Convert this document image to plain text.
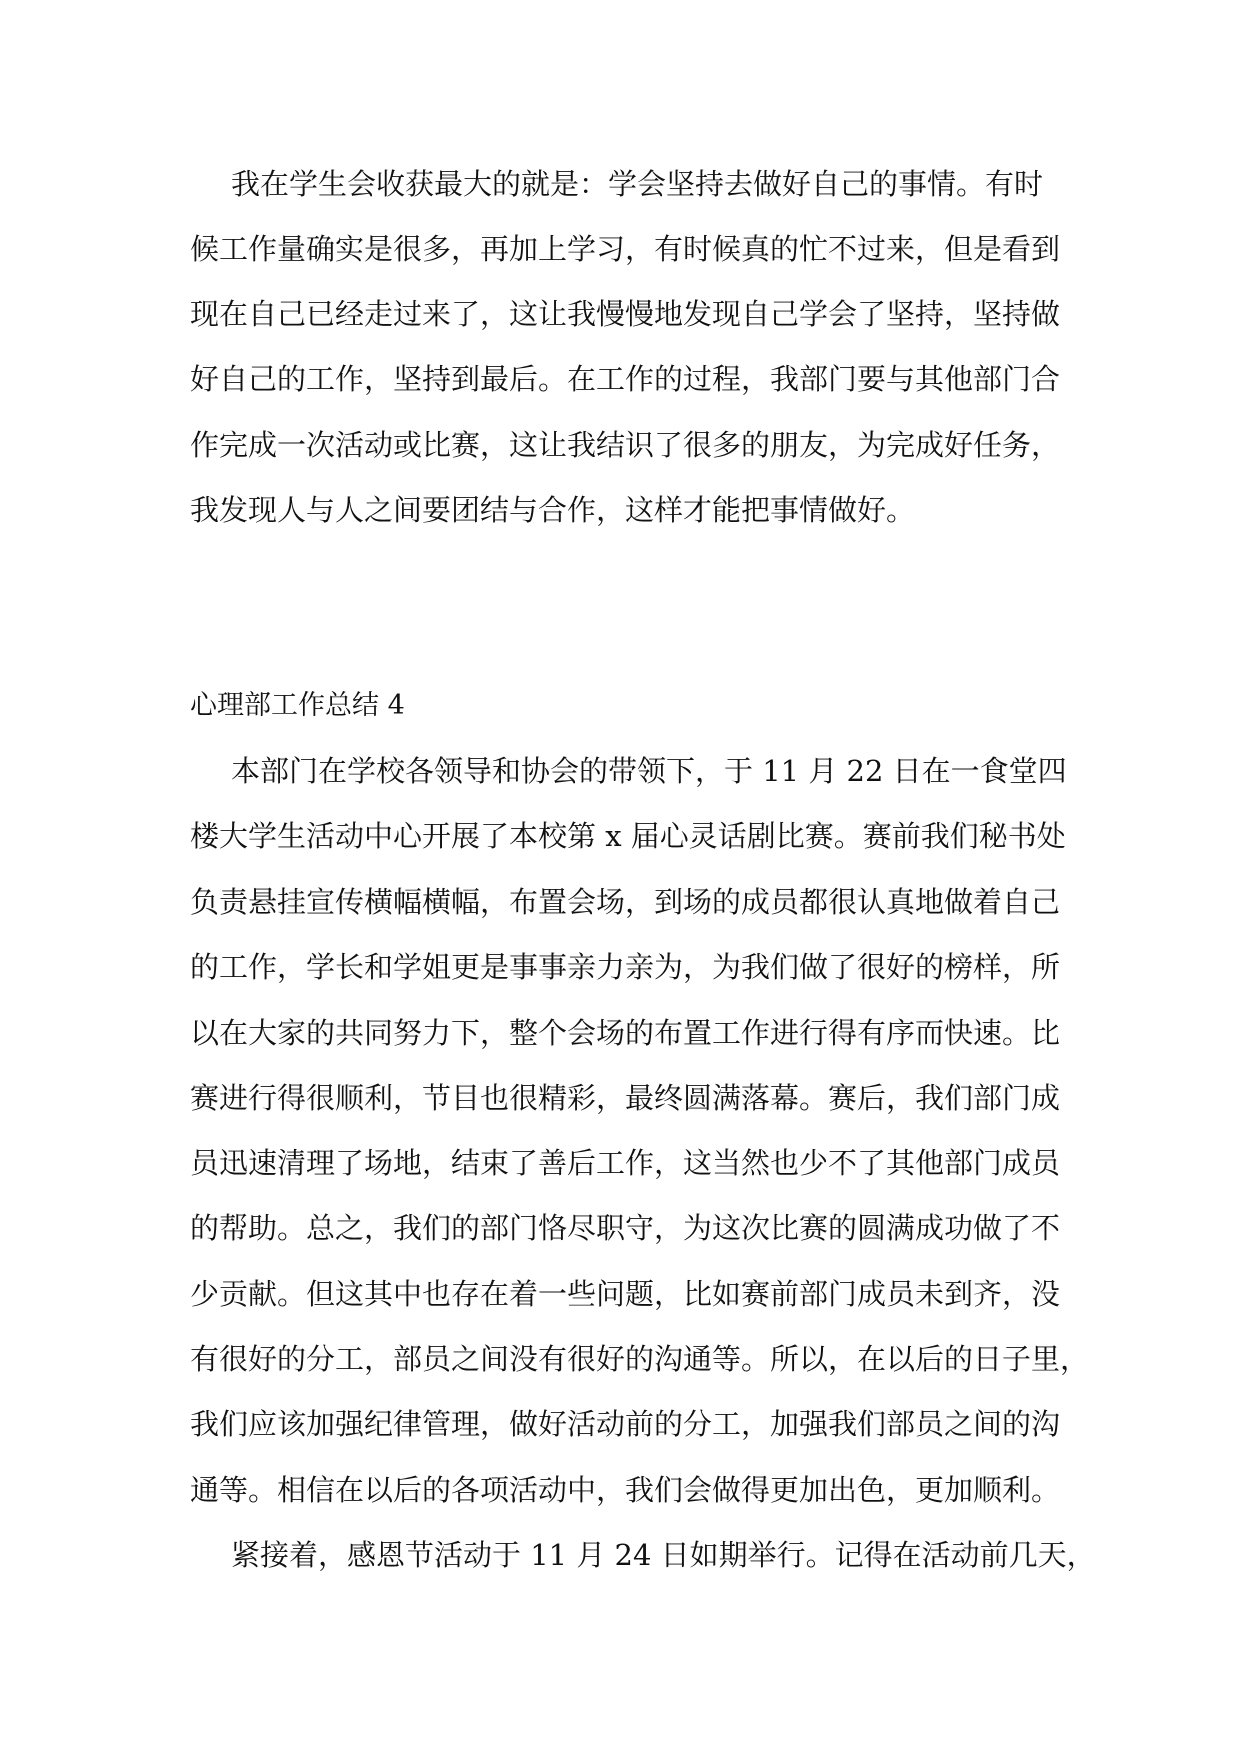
我在学生会收获最大的就是：学会坚持去做好自己的事情。有时
候工作量确实是很多，再加上学习，有时候真的忙不过来，但是看到
现在自己已经走过来了，这让我慢慢地发现自己学会了坚持，坚持做
好自己的工作，坚持到最后。在工作的过程，我部门要与其他部门合
作完成一次活动或比赛，这让我结识了很多的朋友，为完成好任务，
我发现人与人之间要团结与合作，这样才能把事情做好。
心理部工作总结 4
本部门在学校各领导和协会的带领下，于 11 月 22 日在一食堂四
楼大学生活动中心开展了本校第 x 届心灵话剧比赛。赛前我们秘书处
负责悬挂宣传横幅横幅，布置会场，到场的成员都很认真地做着自己
的工作，学长和学姐更是事事亲力亲为，为我们做了很好的榜样，所
以在大家的共同努力下，整个会场的布置工作进行得有序而快速。比
赛进行得很顺利，节目也很精彩，最终圆满落幕。赛后，我们部门成
员迅速清理了场地，结束了善后工作，这当然也少不了其他部门成员
的帮助。总之，我们的部门恪尽职守，为这次比赛的圆满成功做了不
少贡献。但这其中也存在着一些问题，比如赛前部门成员未到齐，没
有很好的分工，部员之间没有很好的沟通等。所以，在以后的日子里，
我们应该加强纪律管理，做好活动前的分工，加强我们部员之间的沟
通等。相信在以后的各项活动中，我们会做得更加出色，更加顺利。
紧接着，感恩节活动于 11 月 24 日如期举行。记得在活动前几天，
